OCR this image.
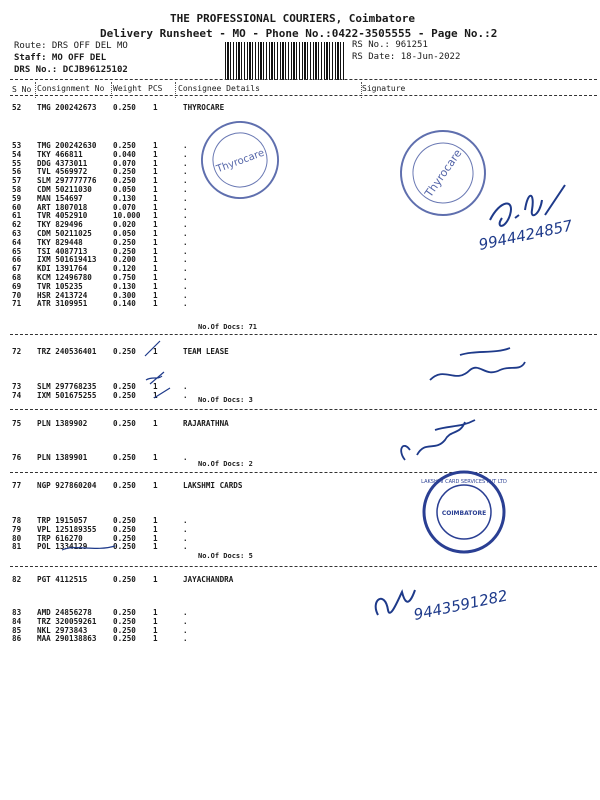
THE PROFESSIONAL COURIERS, Coimbatore
Delivery Runsheet - MO - Phone No.:0422-3505555 - Page No.:2
Route: DRS OFF DEL MO
Staff: MO OFF DEL
DRS No.: DCJB96125102
RS No.: 961251
RS Date: 18-Jun-2022
S No Consignment No Weight PCS Consignee Details	Signature
52 TMG 200242673 0.250 1	THYROCARE
53 TMG 200242630 0.250 1	.
54 TKY 466811	0.040 1	.
55 DDG 4373011	0.070 1	.
56 TVL 4569972	0.250 1	.
57 SLM 297777776 0.250 1	.
58 CDM 50211030	0.050 1	.
59 MAN 154697	0.130 1	.
60 ART 1807018	0.070 1	.
61 TVR 4052910	10.000 1	.
62 TKY 829496	0.020 1	.
63 CDM 50211025	0.050 1	.
64 TKY 829448	0.250 1	.
65 TSI 4087713	0.250 1	.
66 IXM 501619413 0.200 1	.
67 KDI 1391764	0.120 1	.
68 KCM 12496780	0.750 1	.
69 TVR 105235	0.130 1	.
70 HSR 2413724	0.300 1	.
71 ATR 3109951	0.140 1	.
No.Of Docs: 71
72 TRZ 240536401 0.250 1	TEAM LEASE
73 SLM 297768235 0.250 1	.
74 IXM 501675255 0.250 1	.
No.Of Docs: 3
75 PLN 1389902	0.250 1	RAJARATHNA
76 PLN 1389901	0.250 1	.
No.Of Docs: 2
77 NGP 927860204 0.250 1	LAKSHMI CARDS
78 TRP 1915057	0.250 1	.
79 VPL 125189355 0.250 1	.
80 TRP 616270	0.250 1	.
81 POL 1334129	0.250 1	.
No.Of Docs: 5
82 PGT 4112515	0.250 1	JAYACHANDRA
83 AMD 24856278	0.250 1	.
84 TRZ 320059261 0.250 1	.
85 NKL 2973843	0.250 1	.
86 MAA 290138863 0.250 1	.
Thyrocare	Thyrocare
9944424857
9443591282
COIMBATORE
LAKSHMI CARD SERVICES PVT LTD
